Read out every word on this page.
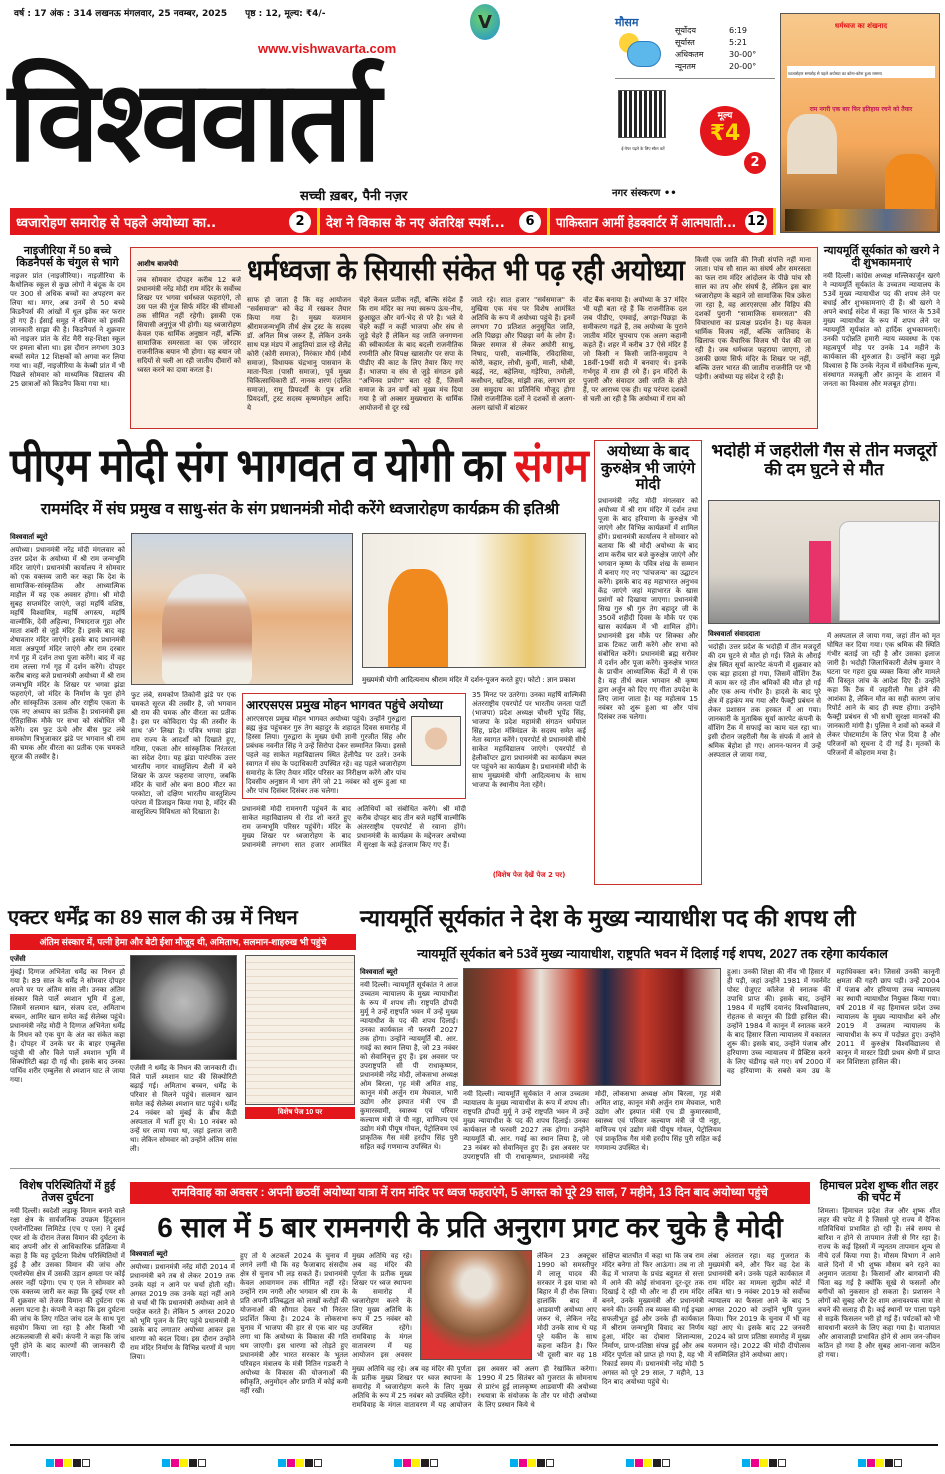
वर्ष : 17 अंक : 314 लखनऊ मंगलवार, 25 नवम्बर, 2025 पृष्ठ : 12, मूल्य: ₹4/-	V
विश्ववार्ता
www.vishwavarta.com
सच्ची ख़बर, पैनी नज़र
मौसम
सूर्योदय	6:19
सूर्यास्त	5:21
अधिकतम	30-00°
न्यूनतम	20-00°
ई-पेपर पढ़ने के लिए स्कैन करें
मूल्य
₹4
2
नगर संस्करण ••
धर्मध्वज का शंखनाद
ध्वजारोहण समारोह से पहले अयोध्या का कोना-कोना हुआ राममय
राम नगरी एक बार फिर इतिहास रचने को तैयार
ध्वजारोहण समारोह से पहले अयोध्या का..	2	देश ने विकास के नए अंतरिक्ष स्पर्श...	6	पाकिस्तान आर्मी हेडक्वार्टर में आत्मघाती... 12
नाइजीरिया में 50 बच्चे किडनैपर्स के चंगुल से भागे
नाइजर प्रांत (नाइजीरिया)। नाइजीरिया के कैथोलिक स्कूल से कुछ लोगों ने बंदूक के दम पर 300 से अधिक बच्चों का अपहरण कर लिया था। मगर, अब उनमें से 50 बच्चे किडनैपर्स की आंखों में धूल झोंक कर फरार हो गए हैं। ईसाई समूह ने रविवार को इसकी जानकारी साझा की है। किडनैपर्स ने शुक्रवार को नाइजर प्रांत के सेंट मैरी सह-शिक्षा स्कूल पर हमला बोला था। इस दौरान लगभग 303 बच्चों समेत 12 शिक्षकों को अगवा कर लिया गया था। वहीं, नाइजीरिया के केब्बी प्रांत में भी पिछले सोमवार को माध्यमिक विद्यालय की 25 छात्राओं को किडनैप किया गया था।
आशीष बाजपेयी	धर्मध्वजा के सियासी संकेत भी पढ़ रही अयोध्या
जब सोमवार दोपहर करीब 12 बजे प्रधानमंत्री नरेंद्र मोदी राम मंदिर के सर्वोच्च शिखर पर भगवा धर्मध्वज फहराएंगे, तो उस पल की गूंज सिर्फ मंदिर की सीमाओं तक सीमित नहीं रहेगी। इसकी एक सियासी अनुगूंज भी होगी। यह ध्वजारोहण केवल एक धार्मिक अनुष्ठान नहीं, बल्कि सामाजिक समरसता का एक जोरदार राजनीतिक बयान भी होगा। यह बयान जो सदियों से चली आ रही जातीय दीवारों को ध्वस्त करने का दावा करता है।
साफ हो जाता है कि यह आयोजन "सर्वसमाज" को केंद्र में रखकर तैयार किया गया है। मुख्य यजमान श्रीरामजन्मभूमि तीर्थ क्षेत्र ट्रस्ट के सदस्य डॉ. अनिल मिश्र जरूर हैं, लेकिन उनके साथ यज्ञ मंडप में आहुतियां डाल रहे शैलेंद्र कोरी (कोरी समाज), निरंकार मौर्य (मौर्य समाज), विधायक चंद्रभानु पासवान के माता-पिता (पासी समाज), पूर्व मुख्य चिकित्साधिकारी डॉ. नानक शरण (दलित समाज), रामू प्रियदर्शी के पुत्र शशि प्रियदर्शी, ट्रस्ट सदस्य कृष्णमोहन आदि। ये
चेहरे केवल प्रतीक नहीं, बल्कि संदेश हैं कि राम मंदिर का नया स्वरूप ऊंच-नीच, छुआछूत और वर्ग-भेद से परे है। भले ये चेहरे कहीं न कहीं भाजपा और संघ से जुड़े चेहरे हैं लेकिन यह जाति जनगणना की स्वीकार्यता के बाद बदली राजनीतिक रणनीति और विपक्ष खासतौर पर सपा के पीडीए की काट के लिए तैयार किए गए हैं। भाजपा व संघ से जुड़े संगठन इसे "अभिनव प्रयोग" बता रहे हैं, जिसमें समाज के उन वर्गों को मुख्य मंच दिया गया है जो अक्सर मुख्यधारा के धार्मिक आयोजनों से दूर रखे
जाते रहे। सात हजार "सर्वसमाज" के मुखिया एक मंच पर विशेष आमंत्रित अतिथि के रूप में अयोध्या पहुंचे हैं। इनमें लगभग 70 प्रतिशत अनुसूचित जाति, अति पिछड़ा और पिछड़ा वर्ग के लोग हैं। किन्नर समाज से लेकर अघोरी साधु, निषाद, पासी, वाल्मीकि, रविदासिया, कोरी, कहार, लोधी, कुर्मी, माली, धोबी, बढ़ई, नट, बहेलिया, गड़ेरिया, तमोली, कसौधन, खटिक, मांझी तक, लगभग हर उस समुदाय का प्रतिनिधि मौजूद होगा जिसे राजनीतिक दलों ने दशकों से अलग-अलग खांचों में बांटकर
वोट बैंक बनाया है। अयोध्या के 37 मंदिर भी यही बता रहे हैं कि राजनीतिक दल जब पीडीए, एमवाई, अगड़ा-पिछड़ा के समीकरण गढ़ते हैं, तब अयोध्या के पुराने जातीय मंदिर चुपचाप एक अलग कहानी कहते हैं। शहर में करीब 37 ऐसे मंदिर हैं जो किसी न किसी जाति-समुदाय ने 18वीं-19वीं सदी में बनवाए थे। इनके गर्भगृह में राम ही रमे हैं। इन मंदिरों के पुजारी और संवादार उसी जाति के होते हैं, पर आराध्य एक ही। यह परंपरा दशकों से चली आ रही है कि अयोध्या में राम को
किसी एक जाति की निजी संपत्ति नहीं माना जाता। पांच सौ साल का संघर्ष और समरसता का फल राम मंदिर आंदोलन के पीछे पांच सौ साल का तप और संघर्ष है, लेकिन इस बार ध्वजारोहण के बहाने जो सामाजिक चित्र उकेरा जा रहा है, वह आरएसएस और विहिप की दशकों पुरानी "सामाजिक समरसता" की विचारधारा का प्रत्यक्ष प्रदर्शन है। यह केवल धार्मिक विजय नहीं, बल्कि जातिवाद के खिलाफ एक वैचारिक विजय भी पेश की जा रही है। जब धर्मध्वज फहराया जाएगा, तो उसकी छाया सिर्फ मंदिर के शिखर पर नहीं, बल्कि उत्तर भारत की जातीय राजनीति पर भी पड़ेगी। अयोध्या यह संदेश दे रही है।
न्यायमूर्ति सूर्यकांत को खरगे ने दी शुभकामनाएं
नयी दिल्ली। कांग्रेस अध्यक्ष मल्लिकार्जुन खरगे ने न्यायमूर्ति सूर्यकांत के उच्चतम न्यायालय के 53वें मुख्य न्यायाधीश पद की शपथ लेने पर बधाई और शुभकामनाएं दी हैं। श्री खरगे ने अपने बधाई संदेश में कहा कि भारत के 53वें मुख्य न्यायाधीश के रूप में शपथ लेने पर न्यायमूर्ति सूर्यकांत को हार्दिक शुभकामनाएँ। उनकी पदोन्नति हमारी न्याय व्यवस्था के एक महत्वपूर्ण मोड़ पर उनके 14 महीने के कार्यकाल की शुरुआत है। उन्होंने कहा मुझे विश्वास है कि उनके नेतृत्व में संवैधानिक मूल्य, संस्थागत मजबूती और क़ानून के शासन में जनता का विश्वास और मजबूत होगा।
पीएम मोदी संग भागवत व योगी का संगम
राममंदिर में संघ प्रमुख व साधु-संत के संग प्रधानमंत्री मोदी करेंगे ध्वजारोहण कार्यक्रम की इतिश्री
विश्ववार्ता ब्यूरो
अयोध्या। प्रधानमंत्री नरेंद्र मोदी मंगलवार को उत्तर प्रदेश के अयोध्या में श्री राम जन्मभूमि मंदिर जाएंगे। प्रधानमंत्री कार्यालय ने सोमवार को एक वक्तव्य जारी कर कहा कि देश के सामाजिक-सांस्कृतिक और आध्यात्मिक माहौल में यह एक अवसर होगा। श्री मोदी सुबह सप्तमंदिर जाएंगे, जहां महर्षि वशिष्ठ, महर्षि विश्वामित्र, महर्षि अगस्त्य, महर्षि वाल्मीकि, देवी अहिल्या, निषादराज गुहा और माता शबरी से जुड़े मंदिर हैं। इसके बाद वह शेषावतार मंदिर जाएंगे। इसके बाद प्रधानमंत्री माता अन्नपूर्णा मंदिर जाएंगे और राम दरबार गर्भ गृह में दर्शन तथा पूजा करेंगे। बाद में वह राम लल्ला गर्भ गृह में दर्शन करेंगे। दोपहर करीब बारह बजे प्रधानमंत्री अयोध्या में श्री राम जन्मभूमि मंदिर के शिखर पर भगवा झंडा फहराएंगे, जो मंदिर के निर्माण के पूरा होने और सांस्कृतिक उत्सव और राष्ट्रीय एकता के एक नए अध्याय का प्रतीक है। प्रधानमंत्री इस ऐतिहासिक मौके पर सभा को संबोधित भी करेंगे। दस फुट ऊंचे और बीस फुट लंबे समकोण त्रिभुजाकार झंडे पर भगवान श्री राम की चमक और वीरता का प्रतीक एक चमकते सूरज की तस्वीर है।
मुख्यमंत्री योगी आदित्यनाथ श्रीराम मंदिर में दर्शन-पूजन करते हुए। फोटो : ज्ञान प्रकाश
फुट लंबे, समकोण तिकोनी झंडे पर एक चमकते सूरज की तस्वीर है, जो भगवान श्री राम की चमक और वीरता का प्रतीक है। इस पर कोविदारा पेड़ की तस्वीर के साथ 'ॐ' लिखा है। पवित्र भगवा झंडा राम राज्य के आदर्शों को दिखाते हुए, गरिमा, एकता और सांस्कृतिक निरंतरता का संदेश देगा। यह झंडा पारंपरिक उत्तर भारतीय नागर वास्तुशिल्प शैली में बने शिखर के ऊपर फहराया जाएगा, जबकि मंदिर के चारों ओर बना 800 मीटर का परकोटा, जो दक्षिण भारतीय वास्तुशिल्प परंपरा में डिजाइन किया गया है, मंदिर की वास्तुशिल्प विविधता को दिखाता है।
आरएसएस प्रमुख मोहन भागवत पहुंचे अयोध्या
आरएसएस प्रमुख मोहन भागवत अयोध्या पहुंचे। उन्होंने गुरुद्वारा ब्रह्म कुंड पहुंचकर गुरु तेग बहादुर के शहादत दिवस समारोह में हिस्सा लिया। गुरुद्वारा के मुख्य ग्रंथी ज्ञानी गुरजीत सिंह और प्रबंधक नवनीत सिंह ने उन्हें सिरोपा देकर सम्मानित किया। इससे पहले वह साकेत महाविद्यालय स्थित हेलीपैड पर उतरे। उनके स्वागत में संघ के पदाधिकारी उपस्थित रहे। वह पहले ध्वजारोहण समारोह के लिए तैयार मंदिर परिसर का निरीक्षण करेंगे और पांच दिवसीय अनुष्ठान में भाग लेंगे जो 21 नवंबर को शुरू हुआ था और पांच दिसंबर दिसंबर तक चलेगा।
प्रधानमंत्री मोदी रामनगरी पहुंचने के बाद साकेत महाविद्यालय से रोड शो करते हुए राम जन्मभूमि परिसर पहुंचेंगे। मंदिर के मुख्य शिखर पर ध्वजारोहण के बाद प्रधानमंत्री लगभग सात हजार आमंत्रित अतिथियों को संबोधित करेंगे। श्री मोदी करीब दोपहर बाद तीन बजे महर्षि वाल्मीकि अंतरराष्ट्रीय एयरपोर्ट से रवाना होंगे। प्रधानमंत्री के कार्यक्रम के मद्देनजर अयोध्या में सुरक्षा के कड़े इंतजाम किए गए हैं।
35 मिनट पर उतरेगा। उनका महर्षि वाल्मिकी अंतरराष्ट्रीय एयरपोर्ट पर भारतीय जनता पार्टी (भाजपा) प्रदेश अध्यक्ष चौधरी भूपेंद्र सिंह, भाजपा के प्रदेश महामंत्री संगठन धर्मपाल सिंह, प्रदेश मंत्रिमंडल के सदस्य समेत कई नेता स्वागत करेंगे। एयरपोर्ट से प्रधानमंत्री सीधे साकेत महाविद्यालय जाएंगे। एयरपोर्ट से हेलीकॉप्टर द्वारा प्रधानमंत्री का कार्यक्रम स्थल पर पहुंचने का कार्यक्रम है। प्रधानमंत्री मोदी के साथ मुख्यमंत्री योगी आदित्यनाथ के साथ भाजपा के स्थानीय नेता रहेंगे।
(विशेष पेज देखें पेज 2 पर)
अयोध्या के बाद कुरुक्षेत्र भी जाएंगे मोदी
प्रधानमंत्री नरेंद्र मोदी मंगलवार को अयोध्या में श्री राम मंदिर में दर्शन तथा पूजा के बाद हरियाणा के कुरुक्षेत्र भी जाएंगे और विभिन्न कार्यक्रमों में शामिल होंगे। प्रधानमंत्री कार्यालय ने सोमवार को बताया कि श्री मोदी अयोध्या के बाद शाम करीब चार बजे कुरुक्षेत्र जाएंगे और भगवान कृष्ण के पवित्र शंख के सम्मान में बनाए गए नए 'पांचजन्य' का उद्घाटन करेंगे। इसके बाद वह महाभारत अनुभव केंद्र जाएंगे जहां महाभारत के खास प्रसंगों को दिखाया जाएगा। प्रधानमंत्री सिख गुरु श्री गुरु तेग बहादुर जी के 350वें शहीदी दिवस के मौके पर एक खास कार्यक्रम में भी शामिल होंगे। प्रधानमंत्री इस मौके पर सिक्का और डाक टिकट जारी करेंगे और सभा को संबोधित करेंगे। प्रधानमंत्री ब्रह्म सरोवर में दर्शन और पूजा करेंगे। कुरुक्षेत्र भारत के प्राचीन आध्यात्मिक केंद्रों में से एक है। यह तीर्थ स्थल भगवान श्री कृष्ण द्वारा अर्जुन को दिए गए गीता उपदेश के लिए जाना जाता है। यह महोत्सव 15 नवंबर को शुरू हुआ था और पांच दिसंबर तक चलेगा।
भदोही में जहरीली गैस से तीन मजदूरों की दम घुटने से मौत
विश्ववार्ता संवाददाता
भदोही। उत्तर प्रदेश के भदोही में तीन मजदूरों की दम घुटने से मौत हो गई। जिले के औराई क्षेत्र स्थित सूर्या कारपेट कंपनी में शुक्रवार को एक बड़ा हादसा हो गया, जिसमें वॉशिंग टैंक में काम कर रहे तीन श्रमिकों की मौत हो गई और एक अन्य गंभीर है। हादसे के बाद पूरे क्षेत्र में हड़कंप मच गया और फैक्ट्री प्रबंधन से लेकर प्रशासन तक हरकत में आ गया। जानकारी के मुताबिक सूर्या कारपेट कंपनी के वॉशिंग टैंक में सफाई का काम चल रहा था। इसी दौरान जहरीली गैस के संपर्क में आने से श्रमिक बेहोश हो गए। आनन-फानन में उन्हें अस्पताल ले जाया गया,
में अस्पताल ले जाया गया, जहां तीन को मृत घोषित कर दिया गया। एक श्रमिक की स्थिति गंभीर बताई जा रही है और उसका इलाज जारी है। भदोही जिलाधिकारी शैलेष कुमार ने घटना पर गहरा दुख व्यक्त किया और मामले की विस्तृत जांच के आदेश दिए हैं। उन्होंने कहा कि टैंक में जहरीली गैस होने की आशंका है, लेकिन मौत का सही कारण जांच रिपोर्ट आने के बाद ही स्पष्ट होगा। उन्होंने फैक्ट्री प्रबंधन से भी सभी सुरक्षा मानकों की जानकारी मांगी है। पुलिस ने शवों को कब्जे में लेकर पोस्टमार्टम के लिए भेज दिया है और परिजनों को सूचना दे दी गई है। मृतकों के परिजनों में कोहराम मचा है।
एक्टर धर्मेंद्र का 89 साल की उम्र में निधन
अंतिम संस्कार में, पत्नी हेमा और बेटी ईशा मौजूद थी, अमिताभ, सलमान-शाहरुख भी पहुंचे
एजेंसी
मुंबई। दिग्गज अभिनेता धर्मेंद्र का निधन हो गया है। 89 साल के धर्मेंद्र ने सोमवार दोपहर अपने घर पर अंतिम सांस ली। उनका अंतिम संस्कार विले पार्ले श्मशान भूमि में हुआ, जिसमें सलमान खान, संजय दत्त, अमिताभ बच्चन, आमिर खान समेत कई सेलेब्स पहुंचे। प्रधानमंत्री नरेंद्र मोदी ने दिग्गज अभिनेता धर्मेंद्र के निधन को एक युग के अंत का संकेत कहा है। दोपहर में उनके घर के बाहर एम्बुलेंस पहुंची थी और विले पार्ले श्मशान भूमि में सिक्योरिटी बढ़ा दी गई थी। इसके बाद उनका पार्थिव शरीर एम्बुलेंस से श्मशान घाट ले जाया गया।
एजेंसी ने धर्मेंद्र के निधन की जानकारी दी। विले पार्ले श्मशान घाट की सिक्योरिटी बढ़ाई गई। अमिताभ बच्चन, धर्मेंद्र के परिवार से मिलने पहुंचे। सलमान खान समेत कई सेलेब्स श्मशान घाट पहुंचे। धर्मेंद्र 24 नवंबर को मुंबई के ब्रीच कैंडी अस्पताल में भर्ती हुए थे। 10 नवंबर को उन्हें घर लाया गया था, जहां इलाज जारी था। लेकिन सोमवार को उन्होंने अंतिम सांस ली।
विशेष पेज 10 पर
न्यायमूर्ति सूर्यकांत ने देश के मुख्य न्यायाधीश पद की शपथ ली
न्यायमूर्ति सूर्यकांत बने 53वें मुख्य न्यायाधीश, राष्ट्रपति भवन में दिलाई गई शपथ, 2027 तक रहेगा कार्यकाल
विश्ववार्ता ब्यूरो
नयी दिल्ली। न्यायमूर्ति सूर्यकांत ने आज उच्चतम न्यायालय के मुख्य न्यायाधीश के रूप में शपथ ली। राष्ट्रपति द्रौपदी मुर्मू ने उन्हें राष्ट्रपति भवन में उन्हें मुख्य न्यायाधीश के पद की शपथ दिलाई। उनका कार्यकाल नौ फरवरी 2027 तक होगा। उन्होंने न्यायमूर्ति बी. आर. गवई का स्थान लिया है, जो 23 नवंबर को सेवानिवृत्त हुए हैं। इस अवसर पर उपराष्ट्रपति सी पी राधाकृष्णन, प्रधानमंत्री नरेंद्र मोदी, लोकसभा अध्यक्ष ओम बिरला, गृह मंत्री अमित शाह, कानून मंत्री अर्जुन राम मेघवाल, भारी उद्योग और इस्पात मंत्री एच डी कुमारस्वामी, स्वास्थ्य एवं परिवार कल्याण मंत्री जे पी नड्डा, वाणिज्य एवं उद्योग मंत्री पीयूष गोयल, पेट्रोलियम एवं प्राकृतिक गैस मंत्री हरदीप सिंह पुरी सहित कई गणमान्य उपस्थित थे।
नयी दिल्ली। न्यायमूर्ति सूर्यकांत ने आज उच्चतम न्यायालय के मुख्य न्यायाधीश के रूप में शपथ ली। राष्ट्रपति द्रौपदी मुर्मू ने उन्हें राष्ट्रपति भवन में उन्हें मुख्य न्यायाधीश के पद की शपथ दिलाई। उनका कार्यकाल नौ फरवरी 2027 तक होगा। उन्होंने न्यायमूर्ति बी. आर. गवई का स्थान लिया है, जो 23 नवंबर को सेवानिवृत्त हुए हैं। इस अवसर पर उपराष्ट्रपति सी पी राधाकृष्णन, प्रधानमंत्री नरेंद्र मोदी, लोकसभा अध्यक्ष ओम बिरला, गृह मंत्री अमित शाह, कानून मंत्री अर्जुन राम मेघवाल, भारी उद्योग और इस्पात मंत्री एच डी कुमारस्वामी, स्वास्थ्य एवं परिवार कल्याण मंत्री जे पी नड्डा, वाणिज्य एवं उद्योग मंत्री पीयूष गोयल, पेट्रोलियम एवं प्राकृतिक गैस मंत्री हरदीप सिंह पुरी सहित कई गणमान्य उपस्थित थे।
हुआ। उनकी शिक्षा की नींव भी हिसार में ही पड़ी, जहां उन्होंने 1981 में गवर्नमेंट पोस्ट ग्रेजुएट कॉलेज से स्नातक की उपाधि प्राप्त की। इसके बाद, उन्होंने 1984 में महर्षि दयानंद विश्वविद्यालय, रोहतक से कानून की डिग्री हासिल की। उन्होंने 1984 में कानून में स्नातक करने के बाद हिसार जिला न्यायालय में वकालत शुरू की। इसके बाद, उन्होंने पंजाब और हरियाणा उच्च न्यायालय में प्रैक्टिस करने के लिए चंडीगढ़ चले गए। वर्ष 2000 में वह हरियाणा के सबसे कम उम्र के महाधिवक्ता बने। जिससे उनकी कानूनी क्षमता की गहरी छाप पड़ी। उन्हें 2004 में पंजाब और हरियाणा उच्च न्यायालय का स्थायी न्यायाधीश नियुक्त किया गया। वर्ष 2018 में वह हिमाचल प्रदेश उच्च न्यायालय के मुख्य न्यायाधीश बने और 2019 में उच्चतम न्यायालय के न्यायाधीश के रूप में पदोन्नत हुए। उन्होंने 2011 में कुरुक्षेत्र विश्वविद्यालय से कानून में मास्टर डिग्री प्रथम श्रेणी में प्राप्त कर विशिष्टता हासिल की।
विशेष परिस्थितियों में हुई तेजस दुर्घटना
नयी दिल्ली। स्वदेशी लड़ाकू विमान बनाने वाले रक्षा क्षेत्र के सार्वजनिक उपक्रम हिंदुस्तान एयरोनॉटिक्स लिमिटेड (एच ए एल) ने दुबई एयर शो के दौरान तेजस विमान की दुर्घटना के बाद अपनी ओर से आधिकारिक प्रतिक्रिया में कहा है कि यह दुर्घटना विशेष परिस्थितियों में हुई है और उसका विमान की जांच और एयरोस्पेस क्षेत्र में उसकी उड़ान क्षमता पर कोई असर नहीं पड़ेगा। एच ए एल ने सोमवार को एक वक्तव्य जारी कर कहा कि दुबई एयर शो में शुक्रवार को तेजस विमान की दुर्घटना एक अलग घटना है। कंपनी ने कहा कि इस दुर्घटना की जांच के लिए गठित जांच दल के साथ पूरा सहयोग किया जा रहा है और किसी भी अटकलबाजी से बचें। कंपनी ने कहा कि जांच पूरी होने के बाद कारणों की जानकारी दी जाएगी।
रामविवाह का अवसर : अपनी छठवीं अयोध्या यात्रा में राम मंदिर पर ध्वज फहराएंगे, 5 अगस्त को पूरे 29 साल, 7 महीने, 13 दिन बाद अयोध्या पहुंचे
6 साल में 5 बार रामनगरी के प्रति अनुराग प्रगट कर चुके है मोदी
विश्ववार्ता ब्यूरो
अयोध्या। प्रधानमंत्री नरेंद्र मोदी 2014 में प्रधानमंत्री बने तब से लेकर 2019 तक उनके यहां न आने पर चर्चा होती रही। अगस्त 2019 तक उनके यहां नहीं आने से चर्चा थी कि प्रधानमंत्री अयोध्या आने से परहेज करते हैं। लेकिन 5 अगस्त 2020 को भूमि पूजन के लिए पहुंचे प्रधानमंत्री ने उसके बाद लगातार अयोध्या आकर इस धारणा को बदल दिया। इस दौरान उन्होंने राम मंदिर निर्माण के विभिन्न चरणों में भाग लिया।
हुए तो ये अटकलें 2024 के चुनाव में लगने लगीं थी कि वह फैजाबाद संसदीय क्षेत्र से चुनाव भी लड़ सकते हैं। प्रधानमंत्री केवल आवागमन तक सीमित नहीं रहे। उन्होंने राम नगरी और भगवान श्री राम के प्रति अपनी प्रतिबद्धता को लाखों करोड़ों की योजनाओं की सौगात देकर भी निरंतर प्रदर्शित किया है। 2024 के लोकसभा चुनाव में भाजपा की हार से एक बार यह लगा था कि अयोध्या के विकास की गति थम जाएगी। इस धारणा को तोड़ते हुए प्रधानमंत्री और भारत सरकार के भूतल परिवहन मंत्रालय के मंत्री नितिन गडकरी ने अयोध्या के विकास की योजनाओं की स्वीकृति, अनुमोदन और प्रगति में कोई कमी नहीं रखी।
मुख्य अतिथि वह रहे। अब वह मंदिर की पूर्णता के प्रतीक मुख्य शिखर पर ध्वज स्थापना के समारोह में ध्वजारोहण करने के लिए मुख्य अतिथि के रूप में 25 नवंबर को उपस्थित रहेंगे। रामविवाह के मंगल वातावरण में यह आयोजन इस अवसर
लेकिन 23 अक्टूबर 1990 को समस्तीपुर में लालू यादव की सरकार ने इस यात्रा को बिहार में ही रोक लिया। हालांकि बाद में आडवाणी अयोध्या आए जरूर थे, लेकिन नरेंद्र मोदी उनके साथ थे यह पूरे यकीन के साथ कहना कठिन है। फिर भी दूसरी बार वह 18
मुख्य अतिथि वह रहे। अब वह मंदिर की पूर्णता के प्रतीक मुख्य शिखर पर ध्वज स्थापना के समारोह में ध्वजारोहण करने के लिए मुख्य अतिथि के रूप में 25 नवंबर को उपस्थित रहेंगे। रामविवाह के मंगल वातावरण में यह आयोजन इस अवसर को अलग ही रेखांकित करेगा। 1990 में 25 सितंबर को गुजरात के सोमनाथ से प्रारंभ हुई लालकृष्ण आडवाणी की अयोध्या रथयात्रा के संयोजक के तौर पर मोदी अयोध्या के लिए प्रस्थान किये थे
संक्षिप्त बातचीत में कहा था कि जब राम मंदिर बनेगा तो फिर आऊंगा। तब ना तो केंद्र में भाजपा के प्रचंड बहुमत से सत्ता में आने की कोई संभावना दूर-दूर तक दिखाई दे रही थी और ना ही राम मंदिर बनने, उनके मुख्यमंत्री और प्रधानमंत्री बनने की। उनकी तब व्यक्त की गई इच्छा सफलीभूत हुई और उनके ही कार्यकाल में श्रीराम जन्मभूमि विवाद का निर्णय हुआ, मंदिर का दोबारा शिलान्यास, निर्माण, प्राण-प्रतिष्ठा संपन्न हुई और अब मंदिर पूर्णता को प्राप्त हो गया है, यह भी रिकार्ड समय में। प्रधानमंत्री नरेंद्र मोदी 5 अगस्त को पूरे 29 साल, 7 महीने, 13 दिन बाद अयोध्या पहुंचे थे।
लंबा अंतराल रहा। यह गुजरात के मुख्यमंत्री बने, और फिर वह देश के प्रधानमंत्री बने। उनके पहले कार्यकाल में राम मंदिर का मामला सुप्रीम कोर्ट में लंबित था। 9 नवंबर 2019 को सर्वोच्च न्यायालय का फैसला आने के बाद 5 अगस्त 2020 को उन्होंने भूमि पूजन किया। फिर 2019 के चुनाव में भी वह यहां आए थे। इसके बाद 22 जनवरी 2024 को प्राण प्रतिष्ठा समारोह में मुख्य यजमान रहे। 2022 की मोदी दीपोत्सव में सम्मिलित होने अयोध्या आए।
हिमाचल प्रदेश शुष्क शीत लहर की चपेट में
शिमला। हिमाचल प्रदेश तेज और शुष्क शीत लहर की चपेट में है जिससे पूरे राज्य में दैनिक गतिविधियां प्रभावित हो रही हैं। लंबे समय से बारिश न होने से तापमान तेजी से गिर रहा है। राज्य के कई हिस्सों में न्यूनतम तापमान शून्य से नीचे दर्ज किया गया है। मौसम विभाग ने आने वाले दिनों में भी शुष्क मौसम बने रहने का अनुमान जताया है। किसानों और बागवानों की चिंता बढ़ गई है क्योंकि सूखे से फसलों और बगीचों को नुकसान हो सकता है। प्रशासन ने लोगों को सुबह और देर शाम अनावश्यक यात्रा से बचने की सलाह दी है। कई स्थानों पर पाला पड़ने से सड़कें फिसलन भरी हो गई हैं। पर्यटकों को भी सावधानी बरतने के लिए कहा गया है। यातायात और आवाजाही प्रभावित होने से आम जन-जीवन कठिन हो गया है और सुबह आना-जाना कठिन हो गया।
